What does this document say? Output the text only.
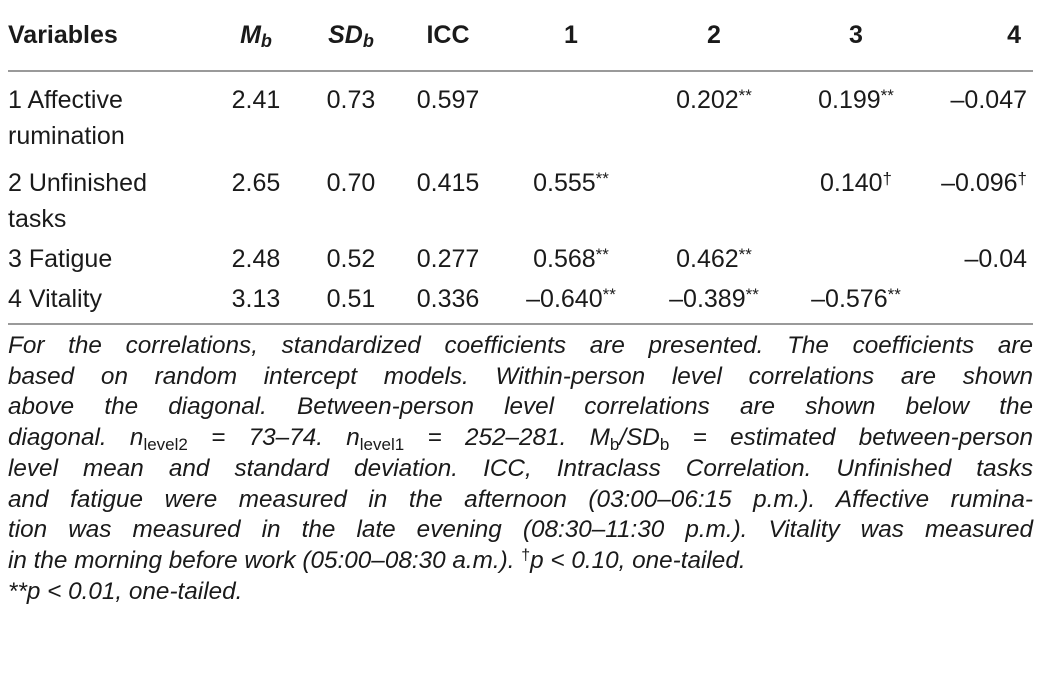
Variables	$M_b$	$SD_b$	ICC	1	2	3	4
1 Affective
rumination	2.41	0.73	0.597		0.202**	0.199**	–0.047
2 Unfinished
tasks	2.65	0.70	0.415	0.555**		0.140†	–0.096†
3 Fatigue	2.48	0.52	0.277	0.568**	0.462**		–0.04
4 Vitality	3.13	0.51	0.336	–0.640**	–0.389**	–0.576**	
For the correlations, standardized coefficients are presented. The coefficients are
based on random intercept models. Within-person level correlations are shown
above the diagonal. Between-person level correlations are shown below the
diagonal. $n_{level2} = 73-74$. $n_{level1} = 252-281$. $M_b/SD_b$ = estimated between-person
level mean and standard deviation. ICC, Intraclass Correlation. Unfinished tasks
and fatigue were measured in the afternoon (03:00–06:15 p.m.). Affective rumina-
tion was measured in the late evening (08:30–11:30 p.m.). Vitality was measured
in the morning before work (05:00–08:30 a.m.). †p < 0.10, one-tailed.
**p < 0.01, one-tailed.
